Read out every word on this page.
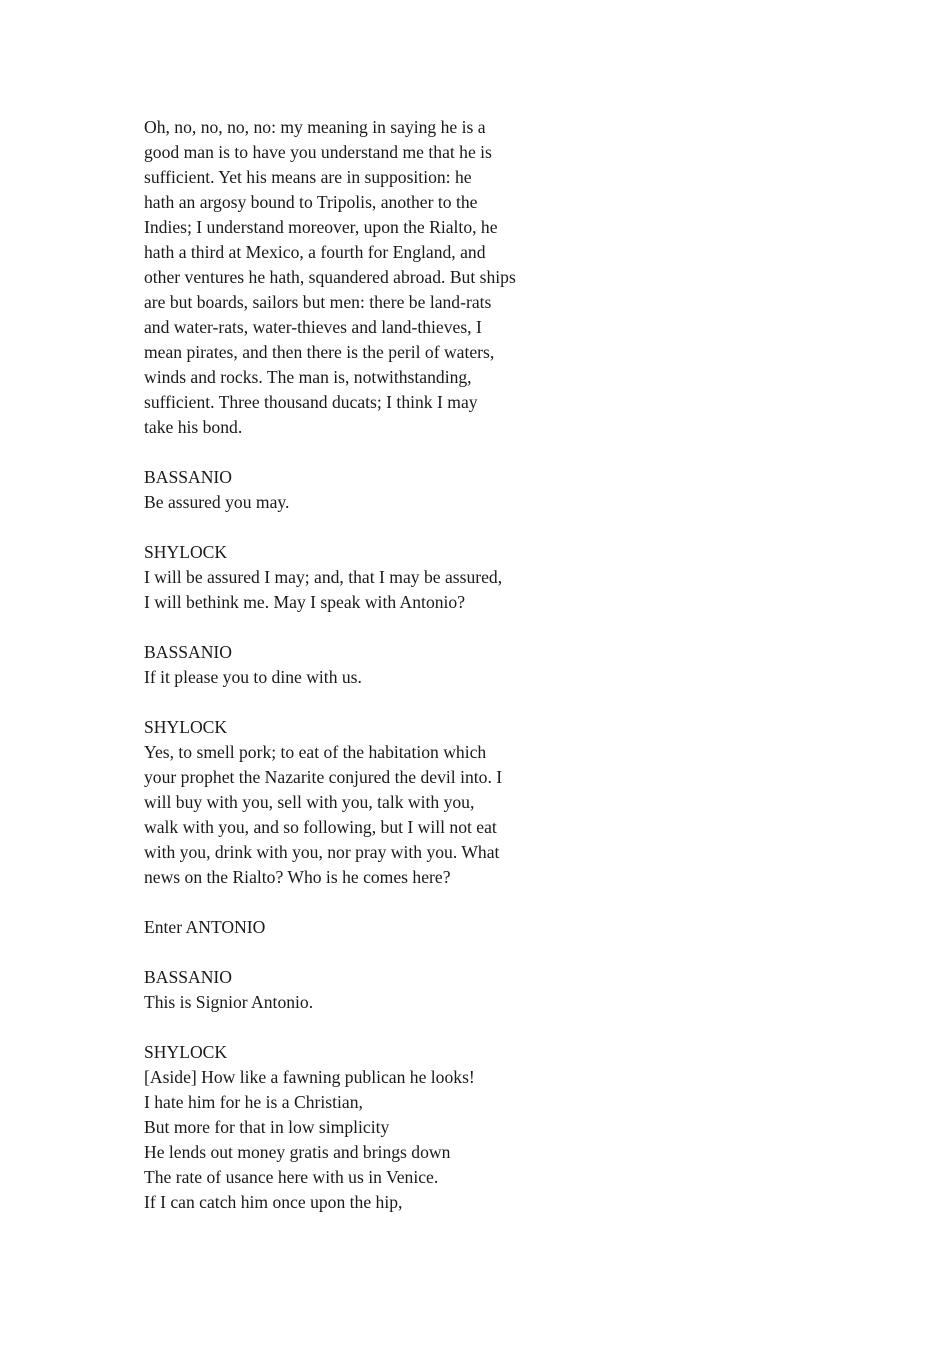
Oh, no, no, no, no: my meaning in saying he is a
good man is to have you understand me that he is
sufficient. Yet his means are in supposition: he
hath an argosy bound to Tripolis, another to the
Indies; I understand moreover, upon the Rialto, he
hath a third at Mexico, a fourth for England, and
other ventures he hath, squandered abroad. But ships
are but boards, sailors but men: there be land-rats
and water-rats, water-thieves and land-thieves, I
mean pirates, and then there is the peril of waters,
winds and rocks. The man is, notwithstanding,
sufficient. Three thousand ducats; I think I may
take his bond.
BASSANIO
Be assured you may.
SHYLOCK
I will be assured I may; and, that I may be assured,
I will bethink me. May I speak with Antonio?
BASSANIO
If it please you to dine with us.
SHYLOCK
Yes, to smell pork; to eat of the habitation which
your prophet the Nazarite conjured the devil into. I
will buy with you, sell with you, talk with you,
walk with you, and so following, but I will not eat
with you, drink with you, nor pray with you. What
news on the Rialto? Who is he comes here?
Enter ANTONIO
BASSANIO
This is Signior Antonio.
SHYLOCK
[Aside] How like a fawning publican he looks!
I hate him for he is a Christian,
But more for that in low simplicity
He lends out money gratis and brings down
The rate of usance here with us in Venice.
If I can catch him once upon the hip,
